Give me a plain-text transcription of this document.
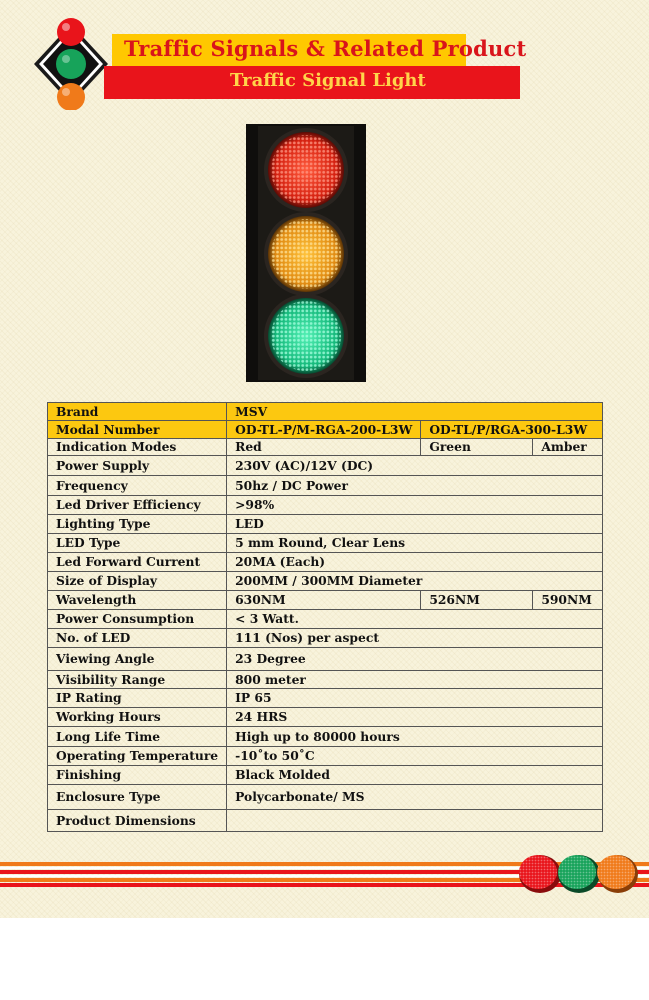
Traffic Signals & Related Product
Traffic Signal Light
Brand	MSV		
Modal Number	OD-TL-P/M-RGA-200-L3W	OD-TL/P/RGA-300-L3W	
Indication Modes	Red	Green	Amber
Power Supply	230V (AC)/12V (DC)		
Frequency	50hz / DC Power		
Led Driver Efficiency	>98%		
Lighting Type	LED		
LED Type	5 mm Round, Clear Lens		
Led Forward Current	20MA (Each)		
Size of Display	200MM / 300MM Diameter		
Wavelength	630NM	526NM	590NM
Power Consumption	< 3 Watt.		
No. of LED	111 (Nos) per aspect		
Viewing Angle	23 Degree		
Visibility Range	800 meter		
IP Rating	IP 65		
Working Hours	24 HRS		
Long Life Time	High up to 80000 hours		
Operating Temperature	-10˚to 50˚C		
Finishing	Black Molded		
Enclosure Type	Polycarbonate/ MS		
Product Dimensions			
